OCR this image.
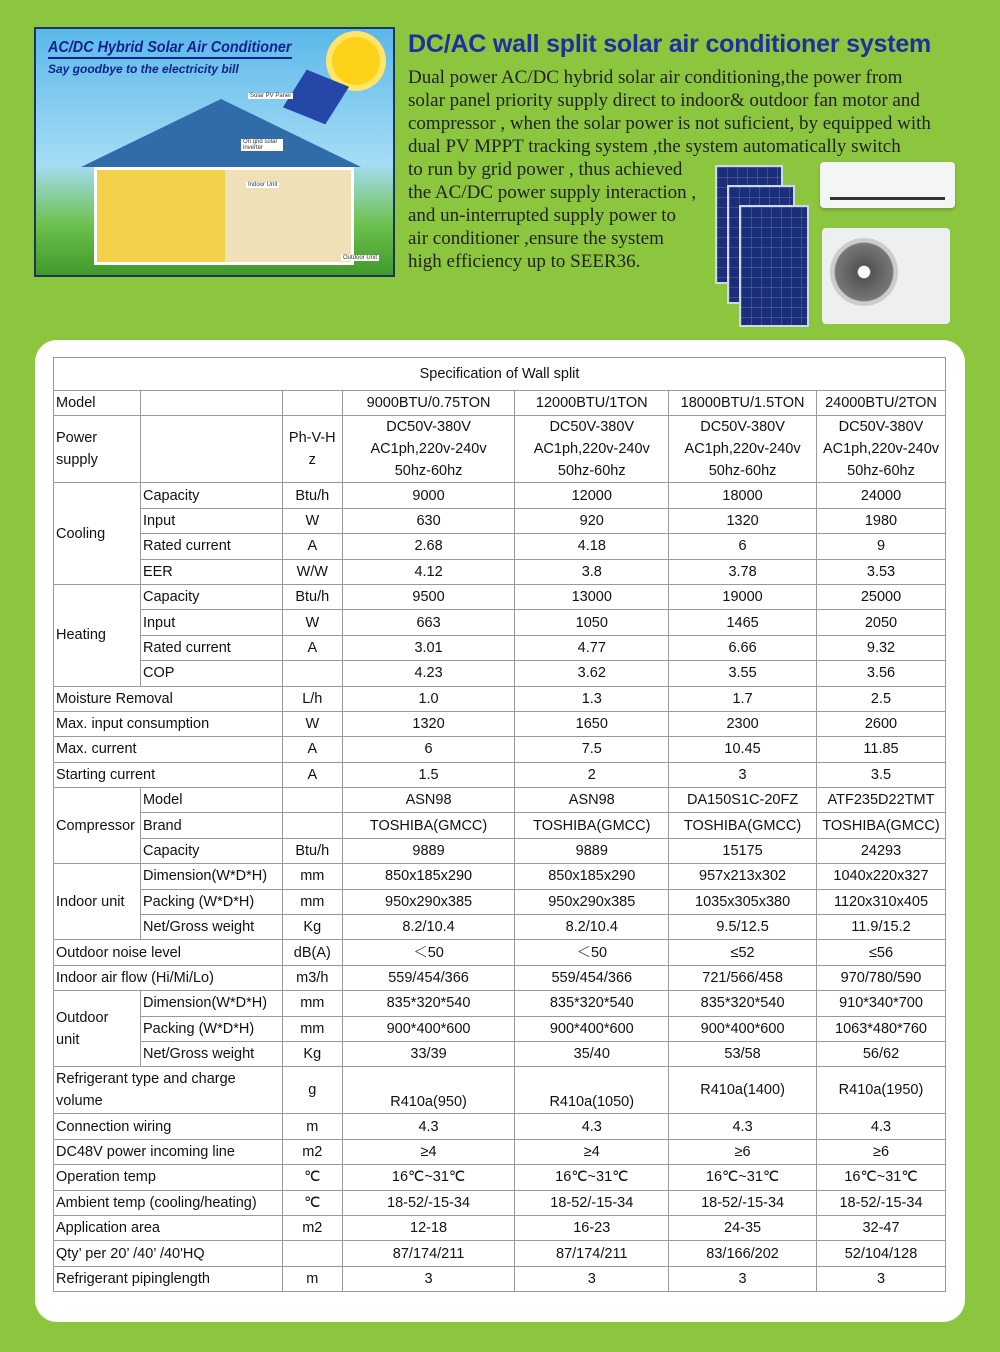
AC/DC Hybrid Solar Air Conditioner
Say goodbye to the electricity bill
Solar PV Panel
On grid solar inverter
Indoor Unit
Outdoor Unit
DC/AC wall split solar air conditioner system
Dual power AC/DC hybrid solar air conditioning,the power from
solar panel priority supply direct to indoor& outdoor fan motor and
compressor , when the solar power is not suficient, by equipped with
dual PV MPPT tracking system ,the system automatically switch
to run by grid power , thus achieved
the AC/DC power supply interaction ,
and un-interrupted supply power to
air conditioner ,ensure the system
high efficiency up to SEER36.
Specification of Wall split						
Model			9000BTU/0.75TON	12000BTU/1TON	18000BTU/1.5TON	24000BTU/2TON
Power supply		Ph-V-H z	DC50V-380V
AC1ph,220v-240v
50hz-60hz	DC50V-380V
AC1ph,220v-240v
50hz-60hz	DC50V-380V
AC1ph,220v-240v
50hz-60hz	DC50V-380V
AC1ph,220v-240v
50hz-60hz
Cooling	Capacity	Btu/h	9000	12000	18000	24000
	Input	W	630	920	1320	1980
	Rated current	A	2.68	4.18	6	9
	EER	W/W	4.12	3.8	3.78	3.53
Heating	Capacity	Btu/h	9500	13000	19000	25000
	Input	W	663	1050	1465	2050
	Rated current	A	3.01	4.77	6.66	9.32
	COP		4.23	3.62	3.55	3.56
Moisture Removal		L/h	1.0	1.3	1.7	2.5
Max. input consumption		W	1320	1650	2300	2600
Max. current		A	6	7.5	10.45	11.85
Starting current		A	1.5	2	3	3.5
Compressor	Model		ASN98	ASN98	DA150S1C-20FZ	ATF235D22TMT
	Brand		TOSHIBA(GMCC)	TOSHIBA(GMCC)	TOSHIBA(GMCC)	TOSHIBA(GMCC)
	Capacity	Btu/h	9889	9889	15175	24293
Indoor unit	Dimension(W*D*H)	mm	850x185x290	850x185x290	957x213x302	1040x220x327
	Packing (W*D*H)	mm	950x290x385	950x290x385	1035x305x380	1120x310x405
	Net/Gross weight	Kg	8.2/10.4	8.2/10.4	9.5/12.5	11.9/15.2
Outdoor noise level		dB(A)	＜50	＜50	≤52	≤56
Indoor air flow (Hi/Mi/Lo)		m3/h	559/454/366	559/454/366	721/566/458	970/780/590
Outdoor
unit	Dimension(W*D*H)	mm	835*320*540	835*320*540	835*320*540	910*340*700
	Packing (W*D*H)	mm	900*400*600	900*400*600	900*400*600	1063*480*760
	Net/Gross weight	Kg	33/39	35/40	53/58	56/62
Refrigerant type and charge volume		g	R410a(950)	R410a(1050)	R410a(1400)	R410a(1950)
Connection wiring		m	4.3	4.3	4.3	4.3
DC48V power incoming line		m2	≥4	≥4	≥6	≥6
Operation temp		℃	16℃~31℃	16℃~31℃	16℃~31℃	16℃~31℃
Ambient temp (cooling/heating)		℃	18-52/-15-34	18-52/-15-34	18-52/-15-34	18-52/-15-34
Application area		m2	12-18	16-23	24-35	32-47
Qty’ per 20’ /40’ /40'HQ			87/174/211	87/174/211	83/166/202	52/104/128
Refrigerant pipinglength		m	3	3	3	3
